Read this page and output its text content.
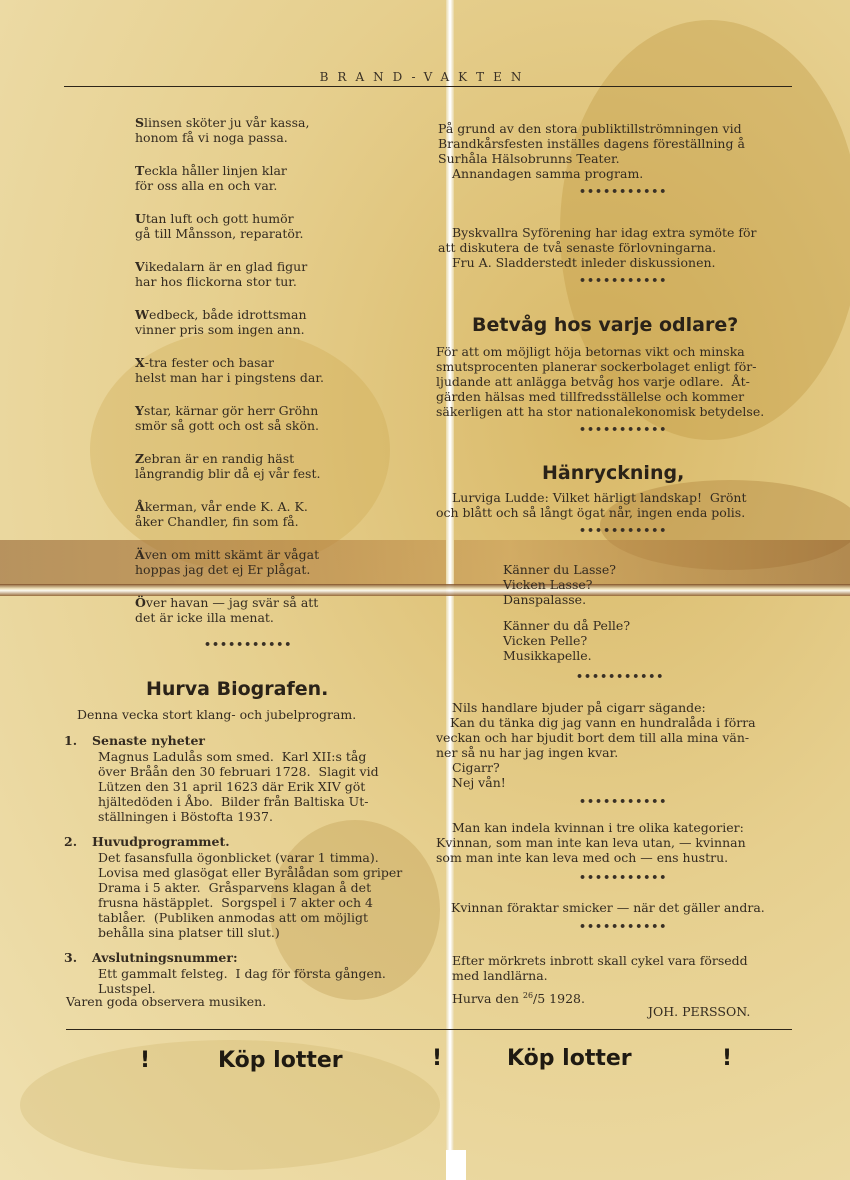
BRAND-VAKTEN
•••••••••••
Hurva Biografen.
Denna vecka stort klang- och jubelprogram.
Varen goda observera musiken.
•••••••••••
•••••••••••
Betvåg hos varje odlare?
•••••••••••
Hänryckning,
•••••••••••
•••••••••••
•••••••••••
•••••••••••
Kvinnan föraktar smicker — när det gäller andra.
•••••••••••
Hurva den $^{26}$/5 1928.
JOH. PERSSON.
!	Köp lotter	!	Köp lotter	!
Slinsen sköter ju vår kassa,
honom få vi noga passa.
Teckla håller linjen klar
för oss alla en och var.
Utan luft och gott humör
gå till Månsson, reparatör.
Vikedalarn är en glad figur
har hos flickorna stor tur.
Wedbeck, både idrottsman
vinner pris som ingen ann.
X-tra fester och basar
helst man har i pingstens dar.
Ystar, kärnar gör herr Gröhn
smör så gott och ost så skön.
Zebran är en randig häst
långrandig blir då ej vår fest.
Åkerman, vår ende K. A. K.
åker Chandler, fin som få.
Även om mitt skämt är vågat
hoppas jag det ej Er plågat.
Över havan — jag svär så att
det är icke illa menat.
1. Senaste nyheter
Magnus Ladulås som smed.  Karl XII:s tåg
över Bråån den 30 februari 1728.  Slagit vid
Lützen den 31 april 1623 där Erik XIV göt
hjältedöden i Åbo.  Bilder från Baltiska Ut-
ställningen i Böstofta 1937.
2. Huvudprogrammet.
Det fasansfulla ögonblicket (varar 1 timma).
Lovisa med glasögat eller Byrålådan som griper
Drama i 5 akter.  Gråsparvens klagan å det
frusna hästäpplet.  Sorgspel i 7 akter och 4
tablåer.  (Publiken anmodas att om möjligt
behålla sina platser till slut.)
3. Avslutningsnummer:
Ett gammalt felsteg.  I dag för första gången.
Lustspel.
På grund av den stora publiktillströmningen vid
Brandkårsfesten inställes dagens föreställning å
Surhåla Hälsobrunns Teater.
Annandagen samma program.
Byskvallra Syförening har idag extra symöte för
att diskutera de två senaste förlovningarna.
Fru A. Sladderstedt inleder diskussionen.
För att om möjligt höja betornas vikt och minska
smutsprocenten planerar sockerbolaget enligt för-
ljudande att anlägga betvåg hos varje odlare.  Åt-
gärden hälsas med tillfredsställelse och kommer
säkerligen att ha stor nationalekonomisk betydelse.
Lurviga Ludde: Vilket härligt landskap!  Grönt
och blått och så långt ögat når, ingen enda polis.
Känner du Lasse?
Vicken Lasse?
Danspalasse.
Känner du då Pelle?
Vicken Pelle?
Musikkapelle.
Nils handlare bjuder på cigarr sägande:
Kan du tänka dig jag vann en hundralåda i förra
veckan och har bjudit bort dem till alla mina vän-
ner så nu har jag ingen kvar.
Cigarr?
Nej vån!
Man kan indela kvinnan i tre olika kategorier:
Kvinnan, som man inte kan leva utan, — kvinnan
som man inte kan leva med och — ens hustru.
Efter mörkrets inbrott skall cykel vara försedd
med landlärna.
